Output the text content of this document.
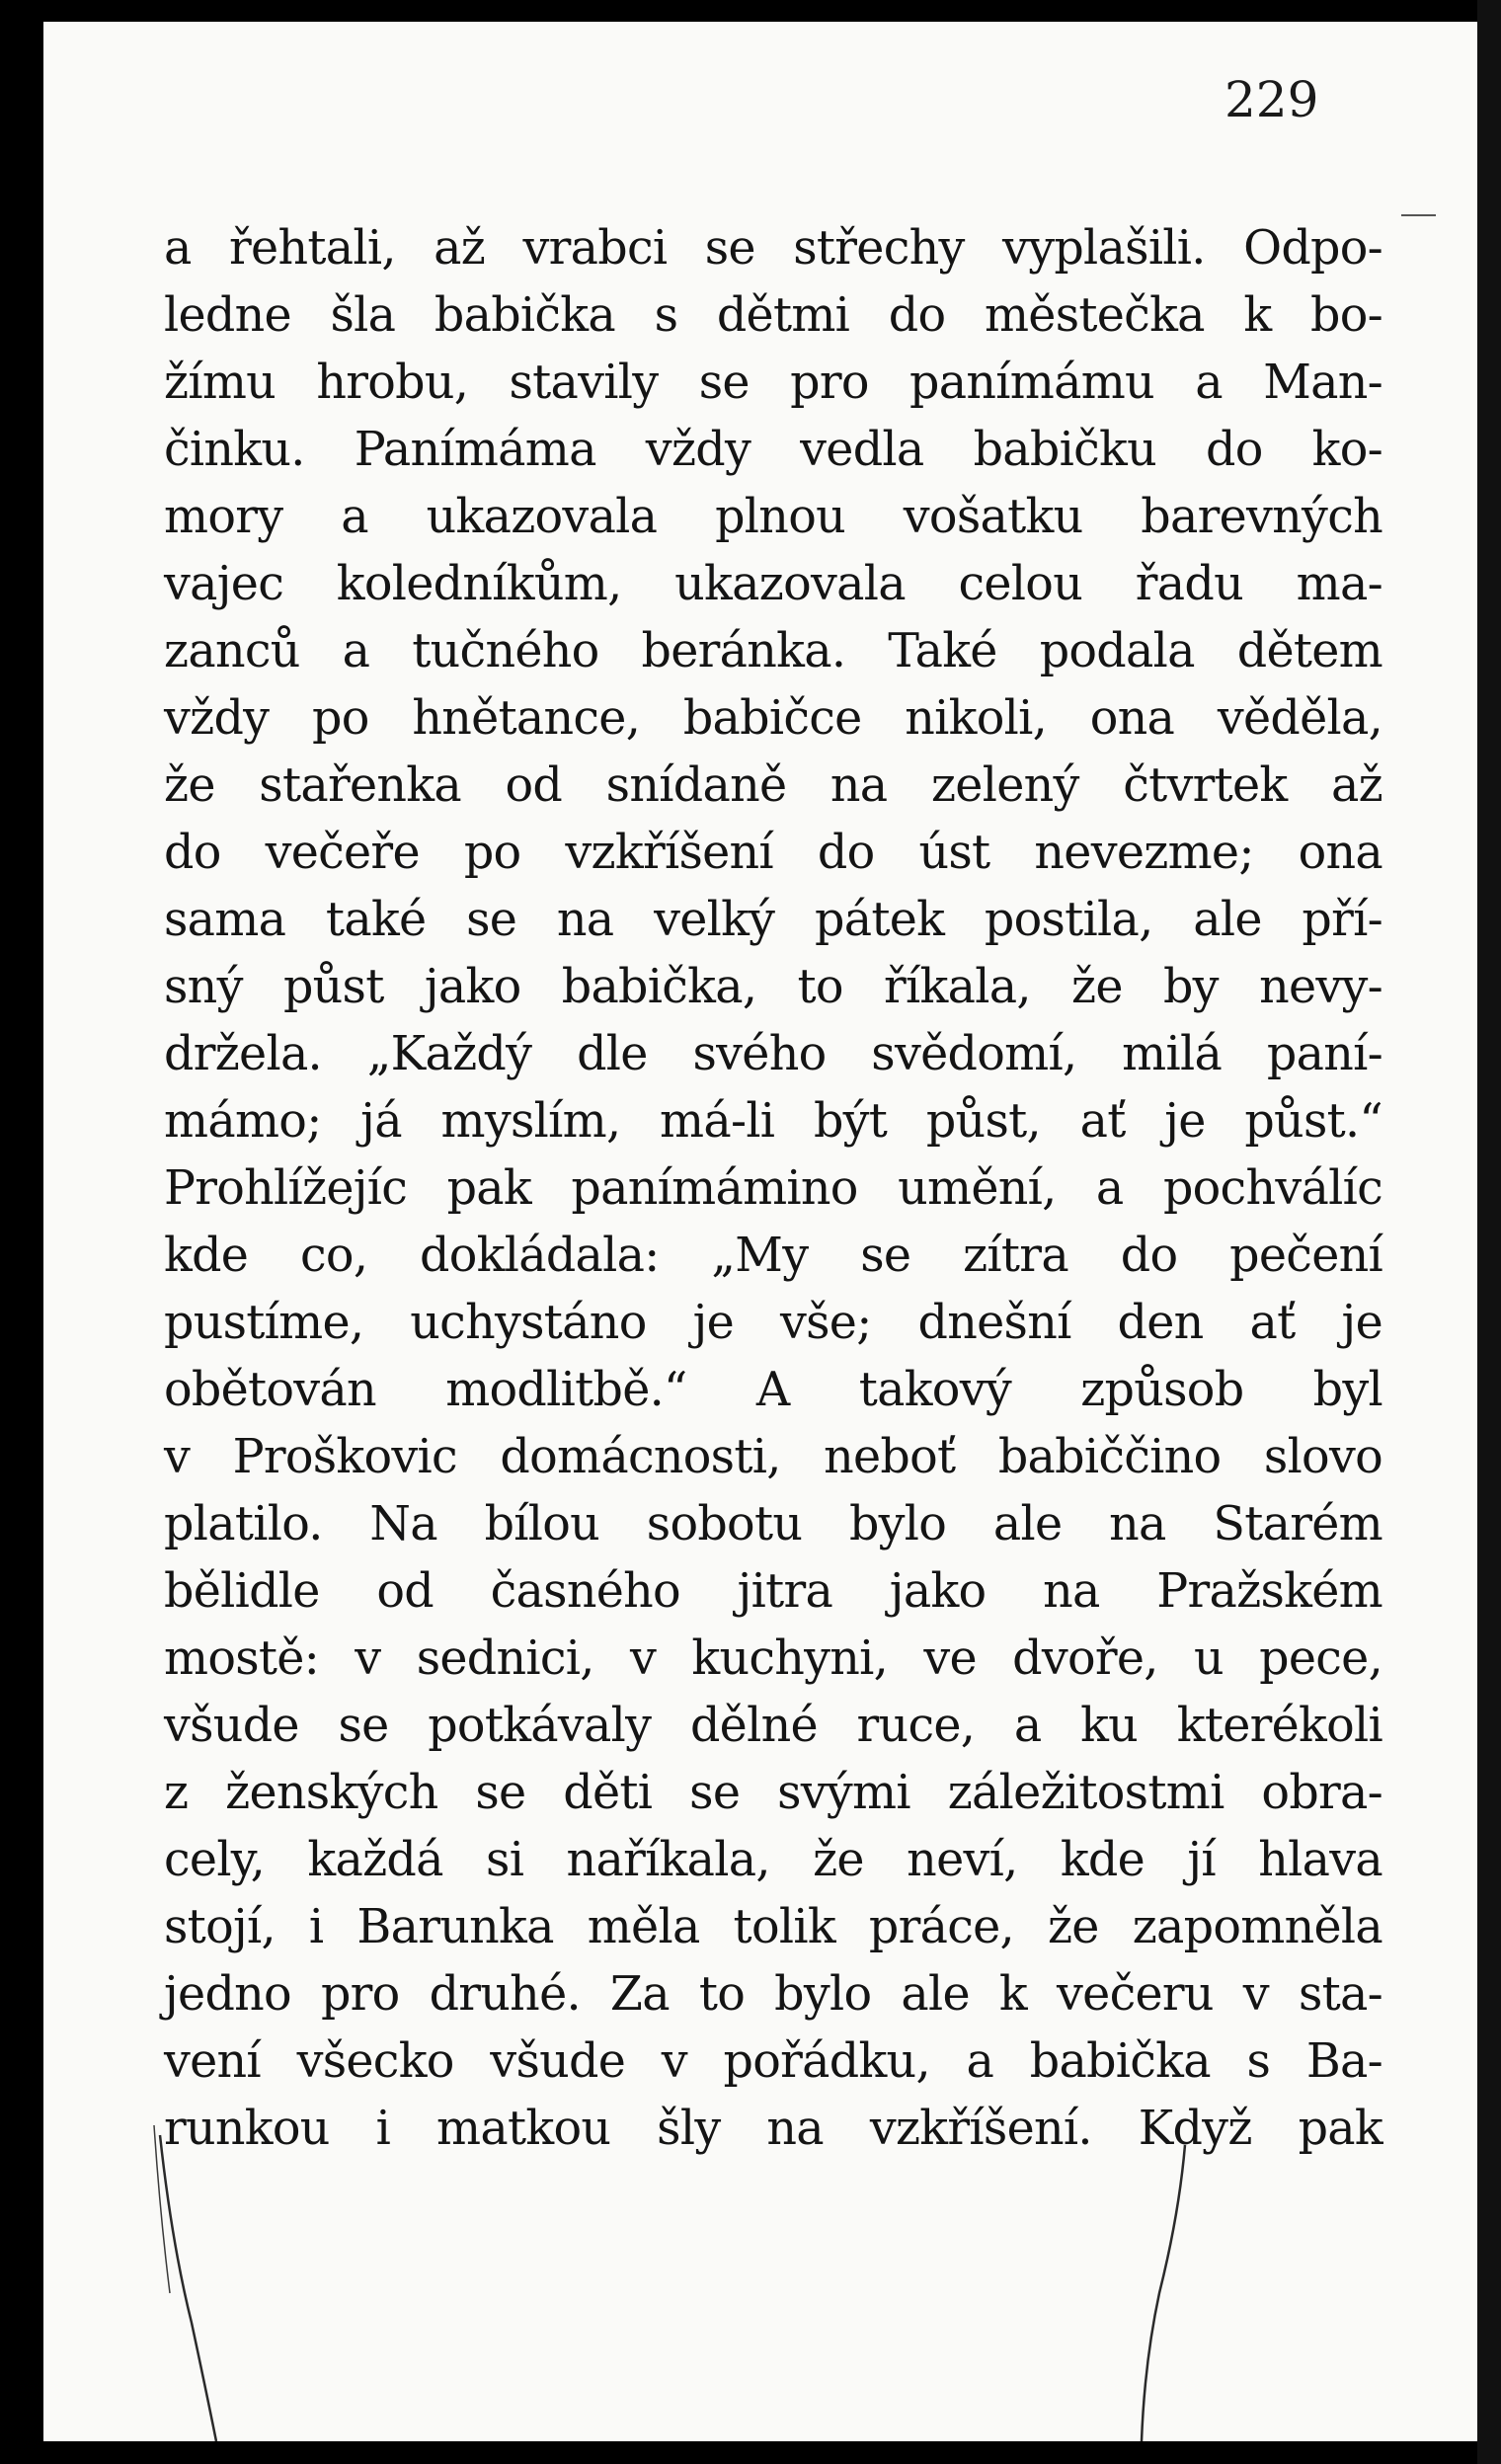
229
a řehtali, až vrabci se střechy vyplašili. Odpo-
ledne šla babička s dětmi do městečka k bo-
žímu hrobu, stavily se pro panímámu a Man-
činku. Panímáma vždy vedla babičku do ko-
mory a ukazovala plnou vošatku barevných
vajec koledníkům, ukazovala celou řadu ma-
zanců a tučného beránka. Také podala dětem
vždy po hnětance, babičce nikoli, ona věděla,
že stařenka od snídaně na zelený čtvrtek až
do večeře po vzkříšení do úst nevezme; ona
sama také se na velký pátek postila, ale pří-
sný půst jako babička, to říkala, že by nevy-
držela. „Každý dle svého svědomí, milá paní-
mámo; já myslím, má-li být půst, ať je půst.“
Prohlížejíc pak panímámino umění, a pochválíc
kde co, dokládala: „My se zítra do pečení
pustíme, uchystáno je vše; dnešní den ať je
obětován modlitbě.“ A takový způsob byl
v Proškovic domácnosti, neboť babiččino slovo
platilo. Na bílou sobotu bylo ale na Starém
bělidle od časného jitra jako na Pražském
mostě: v sednici, v kuchyni, ve dvoře, u pece,
všude se potkávaly dělné ruce, a ku kterékoli
z ženských se děti se svými záležitostmi obra-
cely, každá si naříkala, že neví, kde jí hlava
stojí, i Barunka měla tolik práce, že zapomněla
jedno pro druhé. Za to bylo ale k večeru v sta-
vení všecko všude v pořádku, a babička s Ba-
runkou i matkou šly na vzkříšení. Když pak
